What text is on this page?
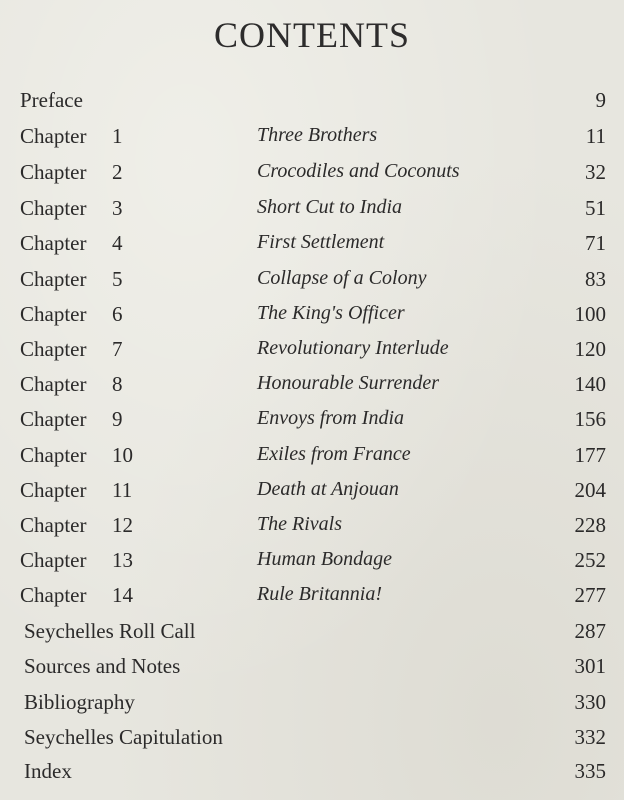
CONTENTS
Preface	9
Chapter 1	Three Brothers	11
Chapter 2	Crocodiles and Coconuts	32
Chapter 3	Short Cut to India	51
Chapter 4	First Settlement	71
Chapter 5	Collapse of a Colony	83
Chapter 6	The King's Officer	100
Chapter 7	Revolutionary Interlude	120
Chapter 8	Honourable Surrender	140
Chapter 9	Envoys from India	156
Chapter 10	Exiles from France	177
Chapter 11	Death at Anjouan	204
Chapter 12	The Rivals	228
Chapter 13	Human Bondage	252
Chapter 14	Rule Britannia!	277
Seychelles Roll Call	287
Sources and Notes	301
Bibliography	330
Seychelles Capitulation	332
Index	335
